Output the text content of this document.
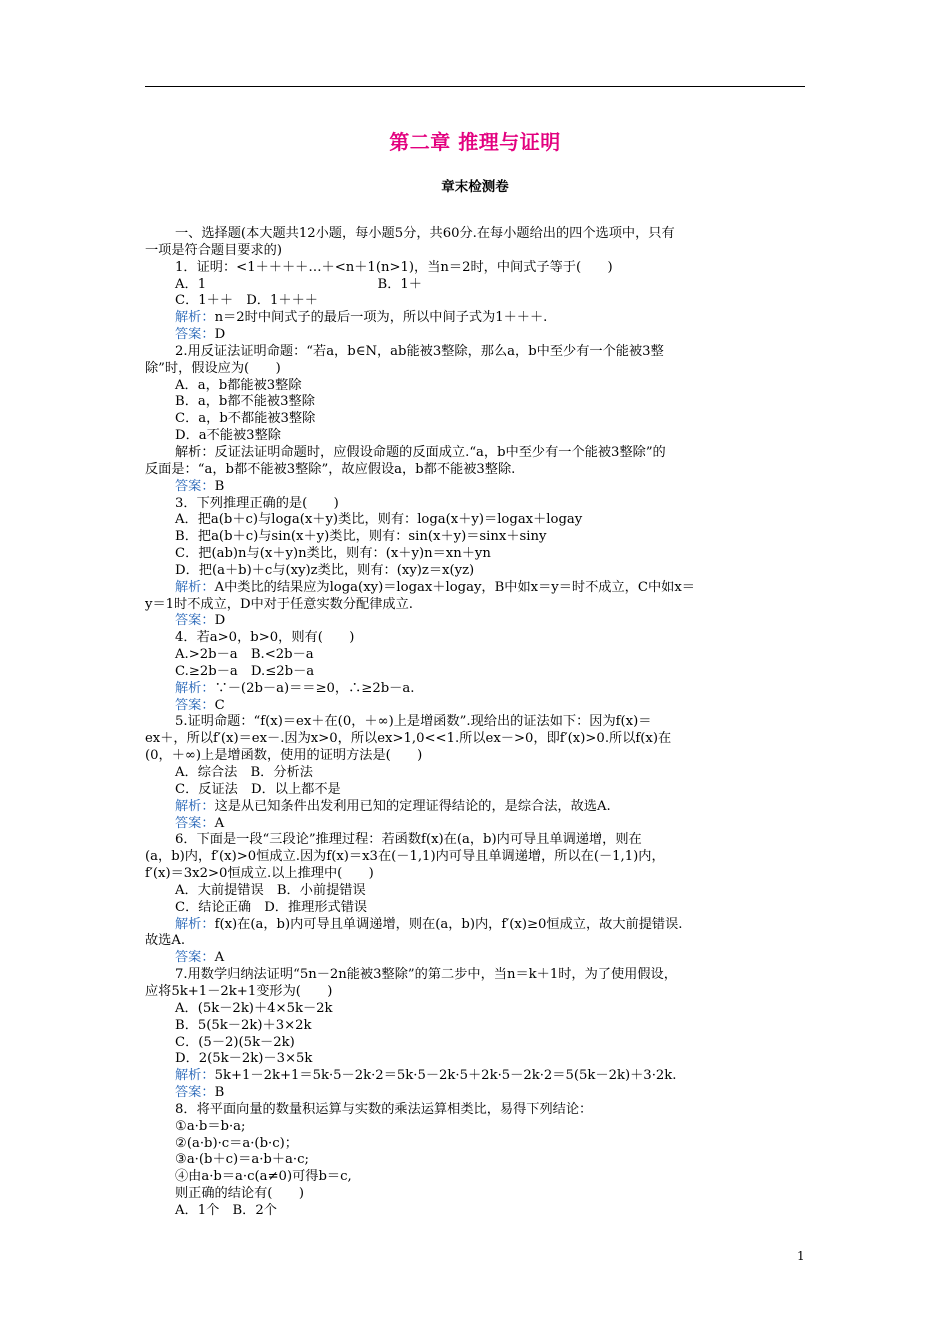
第二章 推理与证明
章末检测卷
一、选择题(本大题共12小题，每小题5分，共60分.在每小题给出的四个选项中，只有
一项是符合题目要求的)
1．证明：<1＋＋＋＋…＋<n＋1(n>1)，当n＝2时，中间式子等于(　　)
A．1　　　　　　　　　　　　　B．1＋
C．1＋＋　D．1＋＋＋
解析：n＝2时中间式子的最后一项为，所以中间子式为1＋＋＋.
答案：D
2.用反证法证明命题：“若a，b∈N，ab能被3整除，那么a，b中至少有一个能被3整
除”时，假设应为(　　)
A．a，b都能被3整除
B．a，b都不能被3整除
C．a，b不都能被3整除
D．a不能被3整除
解析：反证法证明命题时，应假设命题的反面成立.“a，b中至少有一个能被3整除”的
反面是：“a，b都不能被3整除”，故应假设a，b都不能被3整除.
答案：B
3．下列推理正确的是(　　)
A．把a(b＋c)与loga(x＋y)类比，则有：loga(x＋y)＝logax＋logay
B．把a(b＋c)与sin(x＋y)类比，则有：sin(x＋y)＝sinx＋siny
C．把(ab)n与(x＋y)n类比，则有：(x＋y)n＝xn＋yn
D．把(a＋b)＋c与(xy)z类比，则有：(xy)z＝x(yz)
解析：A中类比的结果应为loga(xy)＝logax＋logay，B中如x＝y＝时不成立，C中如x＝
y＝1时不成立，D中对于任意实数分配律成立.
答案：D
4．若a>0，b>0，则有(　　)
A.>2b－a　B.<2b－a
C.≥2b－a　D.≤2b－a
解析：∵－(2b－a)＝＝≥0，∴≥2b－a.
答案：C
5.证明命题：“f(x)＝ex＋在(0，＋∞)上是增函数”.现给出的证法如下：因为f(x)＝
ex＋，所以f′(x)＝ex－.因为x>0，所以ex>1,0<<1.所以ex－>0，即f′(x)>0.所以f(x)在
(0，＋∞)上是增函数，使用的证明方法是(　　)
A．综合法　B．分析法
C．反证法　D．以上都不是
解析：这是从已知条件出发利用已知的定理证得结论的，是综合法，故选A.
答案：A
6．下面是一段“三段论”推理过程：若函数f(x)在(a，b)内可导且单调递增，则在
(a，b)内，f′(x)>0恒成立.因为f(x)＝x3在(－1,1)内可导且单调递增，所以在(－1,1)内，
f′(x)＝3x2>0恒成立.以上推理中(　　)
A．大前提错误　B．小前提错误
C．结论正确　D．推理形式错误
解析：f(x)在(a，b)内可导且单调递增，则在(a，b)内，f′(x)≥0恒成立，故大前提错误.
故选A.
答案：A
7.用数学归纳法证明“5n－2n能被3整除”的第二步中，当n＝k＋1时，为了使用假设，
应将5k+1－2k+1变形为(　　)
A．(5k－2k)＋4×5k－2k
B．5(5k－2k)＋3×2k
C．(5－2)(5k－2k)
D．2(5k－2k)－3×5k
解析：5k+1－2k+1＝5k·5－2k·2＝5k·5－2k·5＋2k·5－2k·2＝5(5k－2k)＋3·2k.
答案：B
8．将平面向量的数量积运算与实数的乘法运算相类比，易得下列结论：
①a·b＝b·a;
②(a·b)·c＝a·(b·c)；
③a·(b＋c)＝a·b＋a·c;
④由a·b＝a·c(a≠0)可得b＝c,
则正确的结论有(　　)
A．1个　B．2个
1
